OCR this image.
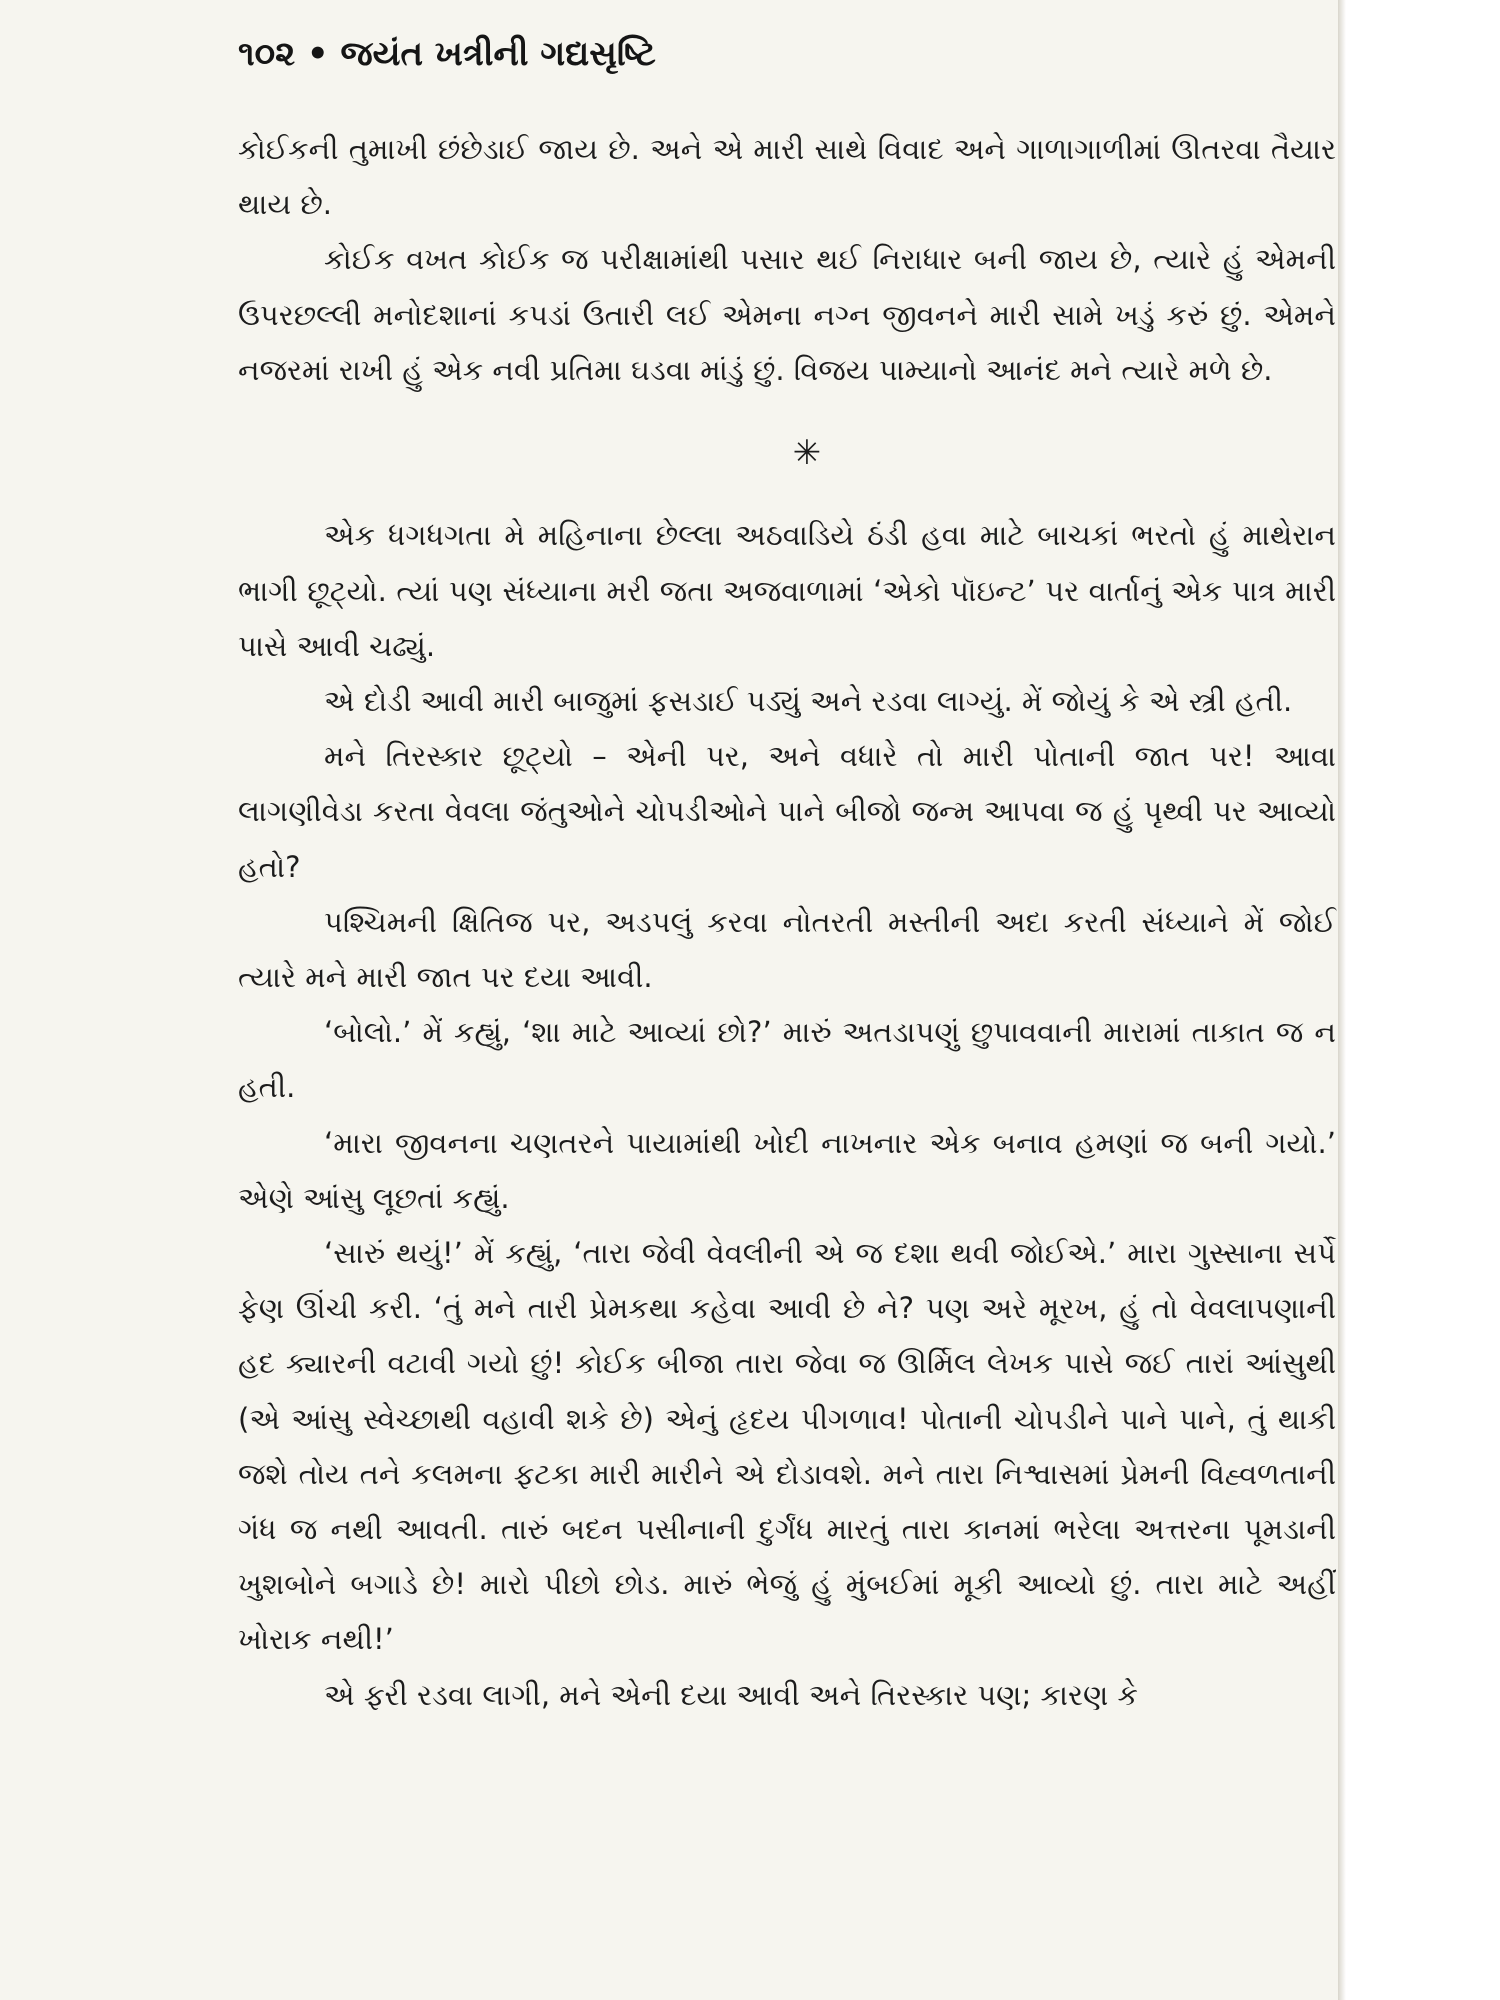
૧૦૨ • જયંત ખત્રીની ગદ્યસૃષ્ટિ

કોઈકની તુમાખી છંછેડાઈ જાય છે. અને એ મારી સાથે વિવાદ અને ગાળાગાળીમાં ઊતરવા તૈયાર થાય છે.

કોઈક વખત કોઈક જ પરીક્ષામાંથી પસાર થઈ નિરાધાર બની જાય છે, ત્યારે હું એમની ઉપરછલ્લી મનોદશાનાં કપડાં ઉતારી લઈ એમના નગ્ન જીવનને મારી સામે ખડું કરું છું. એમને નજરમાં રાખી હું એક નવી પ્રતિમા ઘડવા માંડું છું. વિજય પામ્યાનો આનંદ મને ત્યારે મળે છે.

✳

એક ધગધગતા મે મહિનાના છેલ્લા અઠવાડિયે ઠંડી હવા માટે બાચકાં ભરતો હું માથેરાન ભાગી છૂટ્યો. ત્યાં પણ સંધ્યાના મરી જતા અજવાળામાં ‘એકો પૉઇન્ટ’ પર વાર્તાનું એક પાત્ર મારી પાસે આવી ચઢ્યું.

એ દોડી આવી મારી બાજુમાં ફસડાઈ પડ્યું અને રડવા લાગ્યું. મેં જોયું કે એ સ્ત્રી હતી.

મને તિરસ્કાર છૂટ્યો – એની પર, અને વધારે તો મારી પોતાની જાત પર! આવા લાગણીવેડા કરતા વેવલા જંતુઓને ચોપડીઓને પાને બીજો જન્મ આપવા જ હું પૃથ્વી પર આવ્યો હતો?

પશ્ચિમની ક્ષિતિજ પર, અડપલું કરવા નોતરતી મસ્તીની અદા કરતી સંધ્યાને મેં જોઈ ત્યારે મને મારી જાત પર દયા આવી.

‘બોલો.’ મેં કહ્યું, ‘શા માટે આવ્યાં છો?’ મારું અતડાપણું છુપાવવાની મારામાં તાકાત જ ન હતી.

‘મારા જીવનના ચણતરને પાયામાંથી ખોદી નાખનાર એક બનાવ હમણાં જ બની ગયો.’ એણે આંસુ લૂછતાં કહ્યું.

‘સારું થયું!’ મેં કહ્યું, ‘તારા જેવી વેવલીની એ જ દશા થવી જોઈએ.’ મારા ગુસ્સાના સર્પે ફેણ ઊંચી કરી. ‘તું મને તારી પ્રેમકથા કહેવા આવી છે ને? પણ અરે મૂરખ, હું તો વેવલાપણાની હદ ક્યારની વટાવી ગયો છું! કોઈક બીજા તારા જેવા જ ઊર્મિલ લેખક પાસે જઈ તારાં આંસુથી (એ આંસુ સ્વેચ્છાથી વહાવી શકે છે) એનું હૃદય પીગળાવ! પોતાની ચોપડીને પાને પાને, તું થાકી જશે તોય તને કલમના ફટકા મારી મારીને એ દોડાવશે. મને તારા નિશ્વાસમાં પ્રેમની વિહ્વળતાની ગંધ જ નથી આવતી. તારું બદન પસીનાની દુર્ગંધ મારતું તારા કાનમાં ભરેલા અત્તરના પૂમડાની ખુશબોને બગાડે છે! મારો પીછો છોડ. મારું ભેજું હું મુંબઈમાં મૂકી આવ્યો છું. તારા માટે અહીં ખોરાક નથી!’

એ ફરી રડવા લાગી, મને એની દયા આવી અને તિરસ્કાર પણ; કારણ કે
